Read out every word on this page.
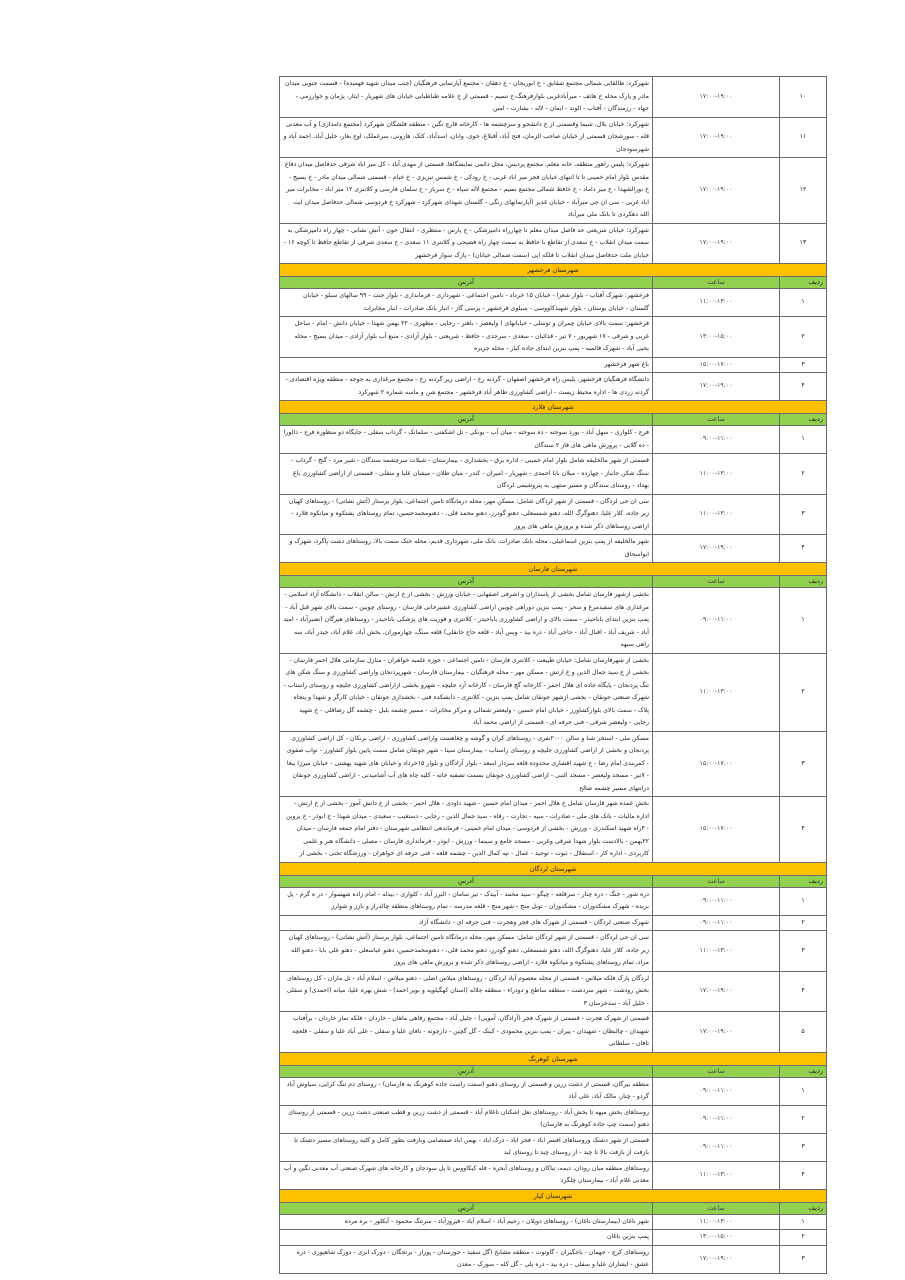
۱۰	۱۷:۰۰-۱۹:۰۰	شهرکرد: طالقانی شمالی مجتمع شقایق - خ ابوریحان - خ دهقان - مجتمع آپارتمانی فرهنگیان (جنب میدان شهید فهمیده) - قسمت جنوبی میدان مادر و پارک محله خ هاتف - میرآبادغربی بلوارفرهنگ،خ نسیم - قسمتی از خ علامه طباطبایی خیابان های شهریار - ایثار، پژمان و خوارزمی - جهاد - رزمندگان - آفتاب - الوند - ایمان - لاله - بشارت - امین
۱۱	۱۷:۰۰-۱۹:۰۰	شهرکرد: خیابان بلال، شیما وقسمتی از خ دانشجو و سرچشمه ها - کارخانه قارچ نگین - منطقه فلشگان شهرکرد (مجتمع دامداری) و آب معدنی قله - سورشجان قسمتی از خیابان صاحب الزمان، فتح آباد، آقبلاغ، خوی، وانان، اسدآباد، کتک، هارونی، سرغملک، اوج بغار، خلیل آباد، احمد آباد و شهرسودجان
۱۲	۱۷:۰۰-۱۹:۰۰	شهرکرد: پلیس راهور منطقه، خانه معلم، مجتمع پردیس، محل دائمی نمایشگاها، قسمتی از مهدی آباد - کل میر اباد شرقی حدفاصل میدان دفاع مقدس بلوار امام خمینی تا تا انتهای خیابان فجر میر اباد غربی - خ رودکی - خ شمس تبریزی - خ خیام - قسمتی شمالی میدان مادر - خ بسیج - خ نورالشهدا - خ میر داماد - خ حافظ شمالی مجتمع نسیم - مجتمع لاله سپاه - خ سرباز - خ سلمان فارسی و کلانتری ۱۲ میر اباد - مخابرات میر اباد غربی - سی ان جی میرآباد - خیابان غدیر (آپارتمانهای رنگی - گلستان شهدای شهرکرد - شهرکرد خ فردوسی شمالی حدفاصل میدان ایت الله دهکردی تا بانک ملی میرآباد
۱۳	۱۷:۰۰-۱۹:۰۰	شهرکرد: خیابان شریعتی حد فاصل میدان معلم تا چهارراه دامپزشکی - خ پارس - منتظری - انتقال خون - آتش نشانی - چهار راه دامپزشکی به سمت میدان انقلاب - خ سعدی از تقاطع با حافظ به سمت چهار راه فصیحی و کلانتری ۱۱ سعدی - خ سعدی شرقی از تقاطع حافظ تا کوچه ۱۶ - خیابان ملت حدفاصل میدان انقلاب تا فلکه اپی (سمت شمالی خیابان) - پارک سوار فرخشهر
شهرستان فرخشهر		
ردیف	ساعت	آدرس
۱	۱۱:۰۰-۱۳:۰۰	فرخشهر: شهرک آفتاب - بلوار شعرا - خیابان ۱۵ خرداد - تامین اجتماعی - شهرداری - فرمانداری - بلوار جنت - ۹۹ سالهای سیلو - خیابان گلستان - خیابان بوستان - بلوار شهیدکاووسی - سیلوی فرخشهر - پرسی گاز - انبار بانک صادرات - انبار مخابرات
۲	۱۳:۰۰-۱۵:۰۰	فرخشهر: سمت بالای خیابان چمران و توسلی - خیابانهای ( ولیعصر - باهنر - رجایی - مطهری - ۲۲ بهمن شهدا - خیابان دانش - امام - ساحل غربی و شرقی - ۱۷ شهریور - ۷ تیر - قدائیان - سعدی - سرحدی - حافظ - شریعتی - بلوار آزادی - منبع آب بلوار آزادی - میدان بسیج - محله یحیی آباد - شهرک قائمیه - پمپ بنزین ابتدای جاده کیار - محله جزیره
۳	۱۵:۰۰-۱۷:۰۰	باغ شهر فرخشهر
۴	۱۷:۰۰-۱۹:۰۰	دانشگاه فرهنگیان فرخشهر، پلیس راه فرخشهر اصفهان - گردنه رخ - اراضی زیر گردنه رخ - مجتمع مرغداری به جوجه - منطقه ویژه اقتصادی - گردنه زردی ها - اداره محیط زیست - اراضی کشاورزی طاهر آباد فرخشهر - مجتمع شن و ماسه شماره ۲ شهرکرد
شهرستان فلارد		
ردیف	ساعت	آدرس
۱	۰۹:۰۰-۱۱:۰۰	فرح - کلواری - سهل آباد - بورد سوخته - ده سوخته - میان آب - بونکی - تل اشکفتی - سلمانک - گرداب سفلی - جایگاه دو منظوره فرح - دالورا - ده گلابی - پرورش ماهی های فاز ۲ سندگان
۲	۱۱:۰۰-۱۳:۰۰	قسمتی از شهر مالخلیفه شامل بلوار امام خمینی - اداره برق - بخشداری - بیمارستان - شیلات سرچشمه سندگان - شیر مرد - گنج - گرداب - سنگ شکن جانباز - چهارده - میلان بابا احمدی - شهریار - امیران - کندر - میان طلان - میشان علیا و سفلی - قسمتی از اراضی کشاورزی باغ بهداد - روستای سندگان و مسیر منتهی به پتروشیمی لردگان
۳	۱۱:۰۰-۱۳:۰۰	سی ان جی لردگان - قسمتی از شهر لردگان شامل: مسکن مهر، محله درمانگاه تامین اجتماعی، بلوار پرستار (آتش نشانی) - روستاهای کهیان زیر جاده، کلار علیا، دهنوگرگ الله، دهنو شمسعلی، دهنو گودرز، دهنو محمد قلی، - دهنومحمدحسین، تمام روستاهای پشتکوه و میانکوه فلارد - اراضی روستاهای ذکر شده و پرورش ماهی های پروز
۴	۱۷:۰۰-۱۹:۰۰	شهر مالخلیفه از پمپ بنزین اسماعیلی، محله بانک صادرات، بانک ملی، شهرداری قدیم، محله خنک سمت بالا، روستاهای دشت پاگرد، شهرک و ابواسحاق
شهرستان فارسان		
ردیف	ساعت	آدرس
۱	۰۹:۰۰-۱۱:۰۰	بخشی ازشهر فارسان شامل بخشی از پاسداران و اشرفی اصفهانی - خیابان ورزش - بخشی از خ ارتش - سالن انقلاب - دانشگاه آزاد اسلامی - مرغداری های سفیدمرغ و سحر - پمپ بنزین دوراهی چوبین اراضی کشاورزی عشیرخانی فارسان - روستای چوبین - سمت بالای شهر قبل آباد - پمپ بنزین ابتدای باباحیدر - سمت بالای و اراضی کشاورزی باباحیدر - کلانتری و فوریت های پزشکی باباحیدر - روستاهای هیرگان (نصیرآباد - امید آباد - شریف آباد - اقبال آباد - حاجی آباد - دره بید - ویس آباد - قلعه حاج جانقلی) قلعه سنگ، چهارموران، بخش آباد، غلام آباد، حیدر آباد، سه راهی سیهه
۲	۱۱:۰۰-۱۳:۰۰	بخشی از شهرفارسان شامل: خیابان طبیعت - کلانتری فارسان - تامین اجتماعی - حوزه علمیه خواهران - منازل سازمانی هلال احمر فارسان - بخشی از خ سید جمال الدین و خ ارتش - مسکن مهر - محله فرهنگیان - بیمارستان فارسان - شهرپردنجان واراضی کشاورزی و سنگ شکن های تنگ پردنجان - پایگاه جاده ای هلال احمر - کارخانه گچ فارسان - کارخانه آرد جلیچه - شهرو بخشی ازاراضی کشاورزی جلیچه و روستای راستاب - شهرک صنعتی جونقان - بخشی ازشهر جونقان شامل پمپ بنزین - کلانتری - دانشکده فنی - بخشداری جونقان - خیابان کارگر و شهدا و پنجاه پلاک - سمت بالای بلوارکشاورز - خیابان امام حسین - ولیعصر شمالی و مرکز مخابرات - مسیر چشمه بلبل - چشمه گل رضاقلی - خ شهید رجایی - ولیعصر شرقی - فنی حرفه ای - قسمتی از اراضی محمد آباد
۳	۱۵:۰۰-۱۷:۰۰	مسکن ملی - استخر شنا و سالن ۲۰۰۰نفری - روستاهای کران و گوشه و چغاهست واراضی کشاورزی - اراضی برنکان - کل اراضی کشاورزی پردنجان و بخشی از اراضی کشاورزی جلیچه و روستای راستاب - بیمارستان سینا - شهر جونقان شامل سمت پایین بلوار کشاورز - نواب صفوی - کمربندی امام رضا - خ شهید افشاری محدوده قلعه سردار اسعد - بلوار آزادگان و بلوار ۱۵خرداد و خیابان های شهید بهشتی - خیابان میرزا بیغا - ۷تیر - مسجد ولیعصر - مسجد النبی - اراضی کشاورزی جونقان بسمت تصفیه خانه - کلیه چاه های آب آشامیدنی - اراضی کشاورزی جونقان درانتهای مسیر چشمه صالح
۴	۱۵:۰۰-۱۷:۰۰	بخش عمده شهر فارسان شامل خ هلال احمر - میدان امام حسین - شهید داودی - هلال احمر - بخشی از خ دانش آموز - بخشی از خ ارتش - اداره مالیات - بانک های ملی - صادرات - سپه - تجارت - رفاه - سید جمال الدین - رجایی - دستغیب - سعیدی - میدان شهدا - خ ابوذر - خ پروین - ۴راه شهید اسکندری - ورزش - بخشی از فردوسی - میدان امام خمینی - فرماندهی انتظامی شهرستان - دفتر امام جمعه فارسان - میدان ۲۲بهمن - بالادست بلوار شهدا شرقی وغربی - مسجد جامع و سینما - ورزش - ابوذر - فرمانداری فارسان - مصلی - دانشگاه هنر و علمی کاربردی - اداره کار - استقلال - ثبوت - توحید - عمال - تپه کمال الدین - چشمه قلعه - فنی حرفه ای خواهران - ورزشگاه تختی - بخشی از
شهرستان لردگان		
ردیف	ساعت	آدرس
۱	۰۹:۰۰-۱۱:۰۰	دره شور - خنگ - دره چنار - سرقلعه - چیگو - سید محمد - آبیدک - تیر سامان - البرز آباد - کلواری - بیدله - امام زاده شهسوار - در ه گرم - پل بریده - شهرک مشکدوزان - مشکدوزان - تونل منج - شهر منج - قلعه مدرسه - تمام روستاهای منطقه چالدراز و بازز و شوارز
۲	۰۹:۰۰-۱۱:۰۰	شهرک صنعتی لردگان - قسمتی از شهرک های فجر وهجرت - فنی حرفه ای - دانشگاه آزاد
۳	۱۱:۰۰-۱۳:۰۰	سی ان جی لردگان - قسمتی از شهر لردگان شامل: مسکن مهر، محله درمانگاه تامین اجتماعی، بلوار پرستار (آتش نشانی) - روستاهای کهیان زیر جاده، کلار علیا، دهنوگرگ الله، دهنو شمسعلی، دهنو گودرز، دهنو محمد قلی، - دهنومحمدحسین، دهنو عباسعلی - دهنو علی بابا - دهنو الله مراد، تمام روستاهای پشتکوه و میانکوه فلارد - اراضی روستاهای ذکر شده و پرورش ماهی های پروز
۴	۱۷:۰۰-۱۹:۰۰	لردگان پارک فلکه میلاس - قسمتی از محله معصوم آباد لردگان - روستاهای میلاس اصلی - دهنو میلاس - اسلام آباد - تل ماران - کل روستاهای بخش رودشت - شهر سردشت - منطقه ساطح و دودراء - منطقه جلاله (استان کهگیلویه و بویر احمد) - شش بهره علیا، میانه (احمدی) و سفلی - خلیل آباد - سدخرسان ۳
۵	۱۷:۰۰-۱۹:۰۰	قسمتی از شهرک هجرت - قسمتی از شهرک فجر (آزادگان، آمویی) - جلیل آباد - مجتمع رفاهی ماهان - خاردان - فلکه نماز خاردان - برآفتاب شهیدان - چالبطان - شهیدان - پیران - پمپ بنزین محمودی - کینک - گل گچین - دارچونه - تافان علیا و سفلی - علی آباد علیا و سفلی - قلعچه تافان - سلطانی
شهرستان کوهرنگ		
ردیف	ساعت	آدرس
۱	۰۹:۰۰-۱۱:۰۰	منطقه بیرگان، قسمتی از دشت زرین و قسمتی از روستای دهنو (سمت راست جاده کوهرنگ به فارسان) - روستای دم تنگ کرایی، سیاوش آباد گردو - چنار، مالک آباد، علی آباد
۲	۰۹:۰۰-۱۱:۰۰	روستاهای بخش میهه تا بخش آباد - روستاهای نعل اشکنان تاغلام آباد - قسمتی از دشت زرین و قطب صنعتی دشت زرین - قسمتی از روستای دهنو (سمت چپ جاده کوهرنگ به فارسان)
۳	۰۹:۰۰-۱۱:۰۰	قسمتی از شهر دشتک وروستاهای افسر اباد - فخر اباد - درک اباد - بهمن اباد صمصامی وبازفت بطور کامل و کلیه روستاهای مسیر دشتک تا بازفت از بازفت بالا تا چبد - از روستای چبد تا روستای لبد
۴	۱۱:۰۰-۱۳:۰۰	روستاهای منطقه میان رودان، دیمه، تباکان و روستاهای آبحره - قله کیکاووس تا پل سودجان و کارخانه های شهرک صنعتی آب معدنی نگین و آب معدنی غلام آباد - بیمارستان چلگرد
شهرستان کیار		
ردیف	ساعت	آدرس
۱	۱۱:۰۰-۱۳:۰۰	شهر ناغان (بیمارستان ناغان) - روستاهای دوپلان - رحیم آباد - اسلام آباد - فیروزآباد - سرتنگ محمود - آبکلور - بره مرده
۲	۱۳:۰۰-۱۵:۰۰	پمپ بنزین ناغان
۳	۱۷:۰۰-۱۹:۰۰	روستاهای کرچ - جهمان - باجگیران - گاوتوت - منطقه مشایخ (گل سفید - جوزستان - پوراز - برنجگان - دورک انزی - دورک شاهپوری - دره عشق - ایشاران علیا و سفلی - دره بید - دره پلی - گل کله - سورک - معدن
